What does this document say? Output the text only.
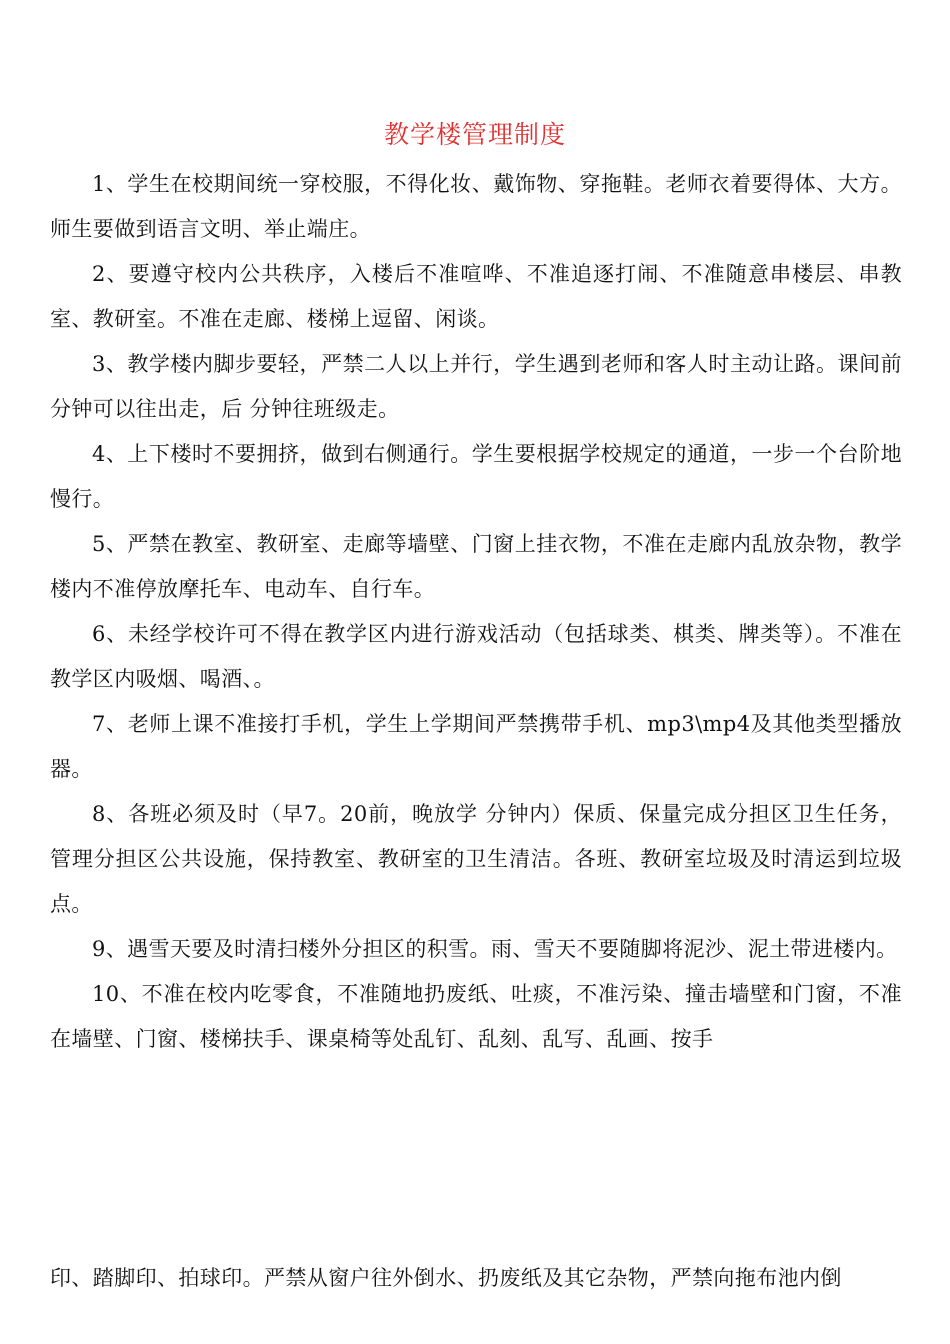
教学楼管理制度

1、学生在校期间统一穿校服，不得化妆、戴饰物、穿拖鞋。老师衣着要得体、大方。师生要做到语言文明、举止端庄。

2、要遵守校内公共秩序，入楼后不准喧哗、不准追逐打闹、不准随意串楼层、串教室、教研室。不准在走廊、楼梯上逗留、闲谈。

3、教学楼内脚步要轻，严禁二人以上并行，学生遇到老师和客人时主动让路。课间前 分钟可以往出走，后 分钟往班级走。

4、上下楼时不要拥挤，做到右侧通行。学生要根据学校规定的通道，一步一个台阶地慢行。

5、严禁在教室、教研室、走廊等墙壁、门窗上挂衣物，不准在走廊内乱放杂物，教学楼内不准停放摩托车、电动车、自行车。

6、未经学校许可不得在教学区内进行游戏活动（包括球类、棋类、牌类等）。不准在教学区内吸烟、喝酒、。

7、老师上课不准接打手机，学生上学期间严禁携带手机、mp3\mp4及其他类型播放器。

8、各班必须及时（早7。20前，晚放学 分钟内）保质、保量完成分担区卫生任务，管理分担区公共设施，保持教室、教研室的卫生清洁。各班、教研室垃圾及时清运到垃圾点。

9、遇雪天要及时清扫楼外分担区的积雪。雨、雪天不要随脚将泥沙、泥土带进楼内。

10、不准在校内吃零食，不准随地扔废纸、吐痰，不准污染、撞击墙壁和门窗，不准在墙壁、门窗、楼梯扶手、课桌椅等处乱钉、乱刻、乱写、乱画、按手

印、踏脚印、拍球印。严禁从窗户往外倒水、扔废纸及其它杂物，严禁向拖布池内倒
